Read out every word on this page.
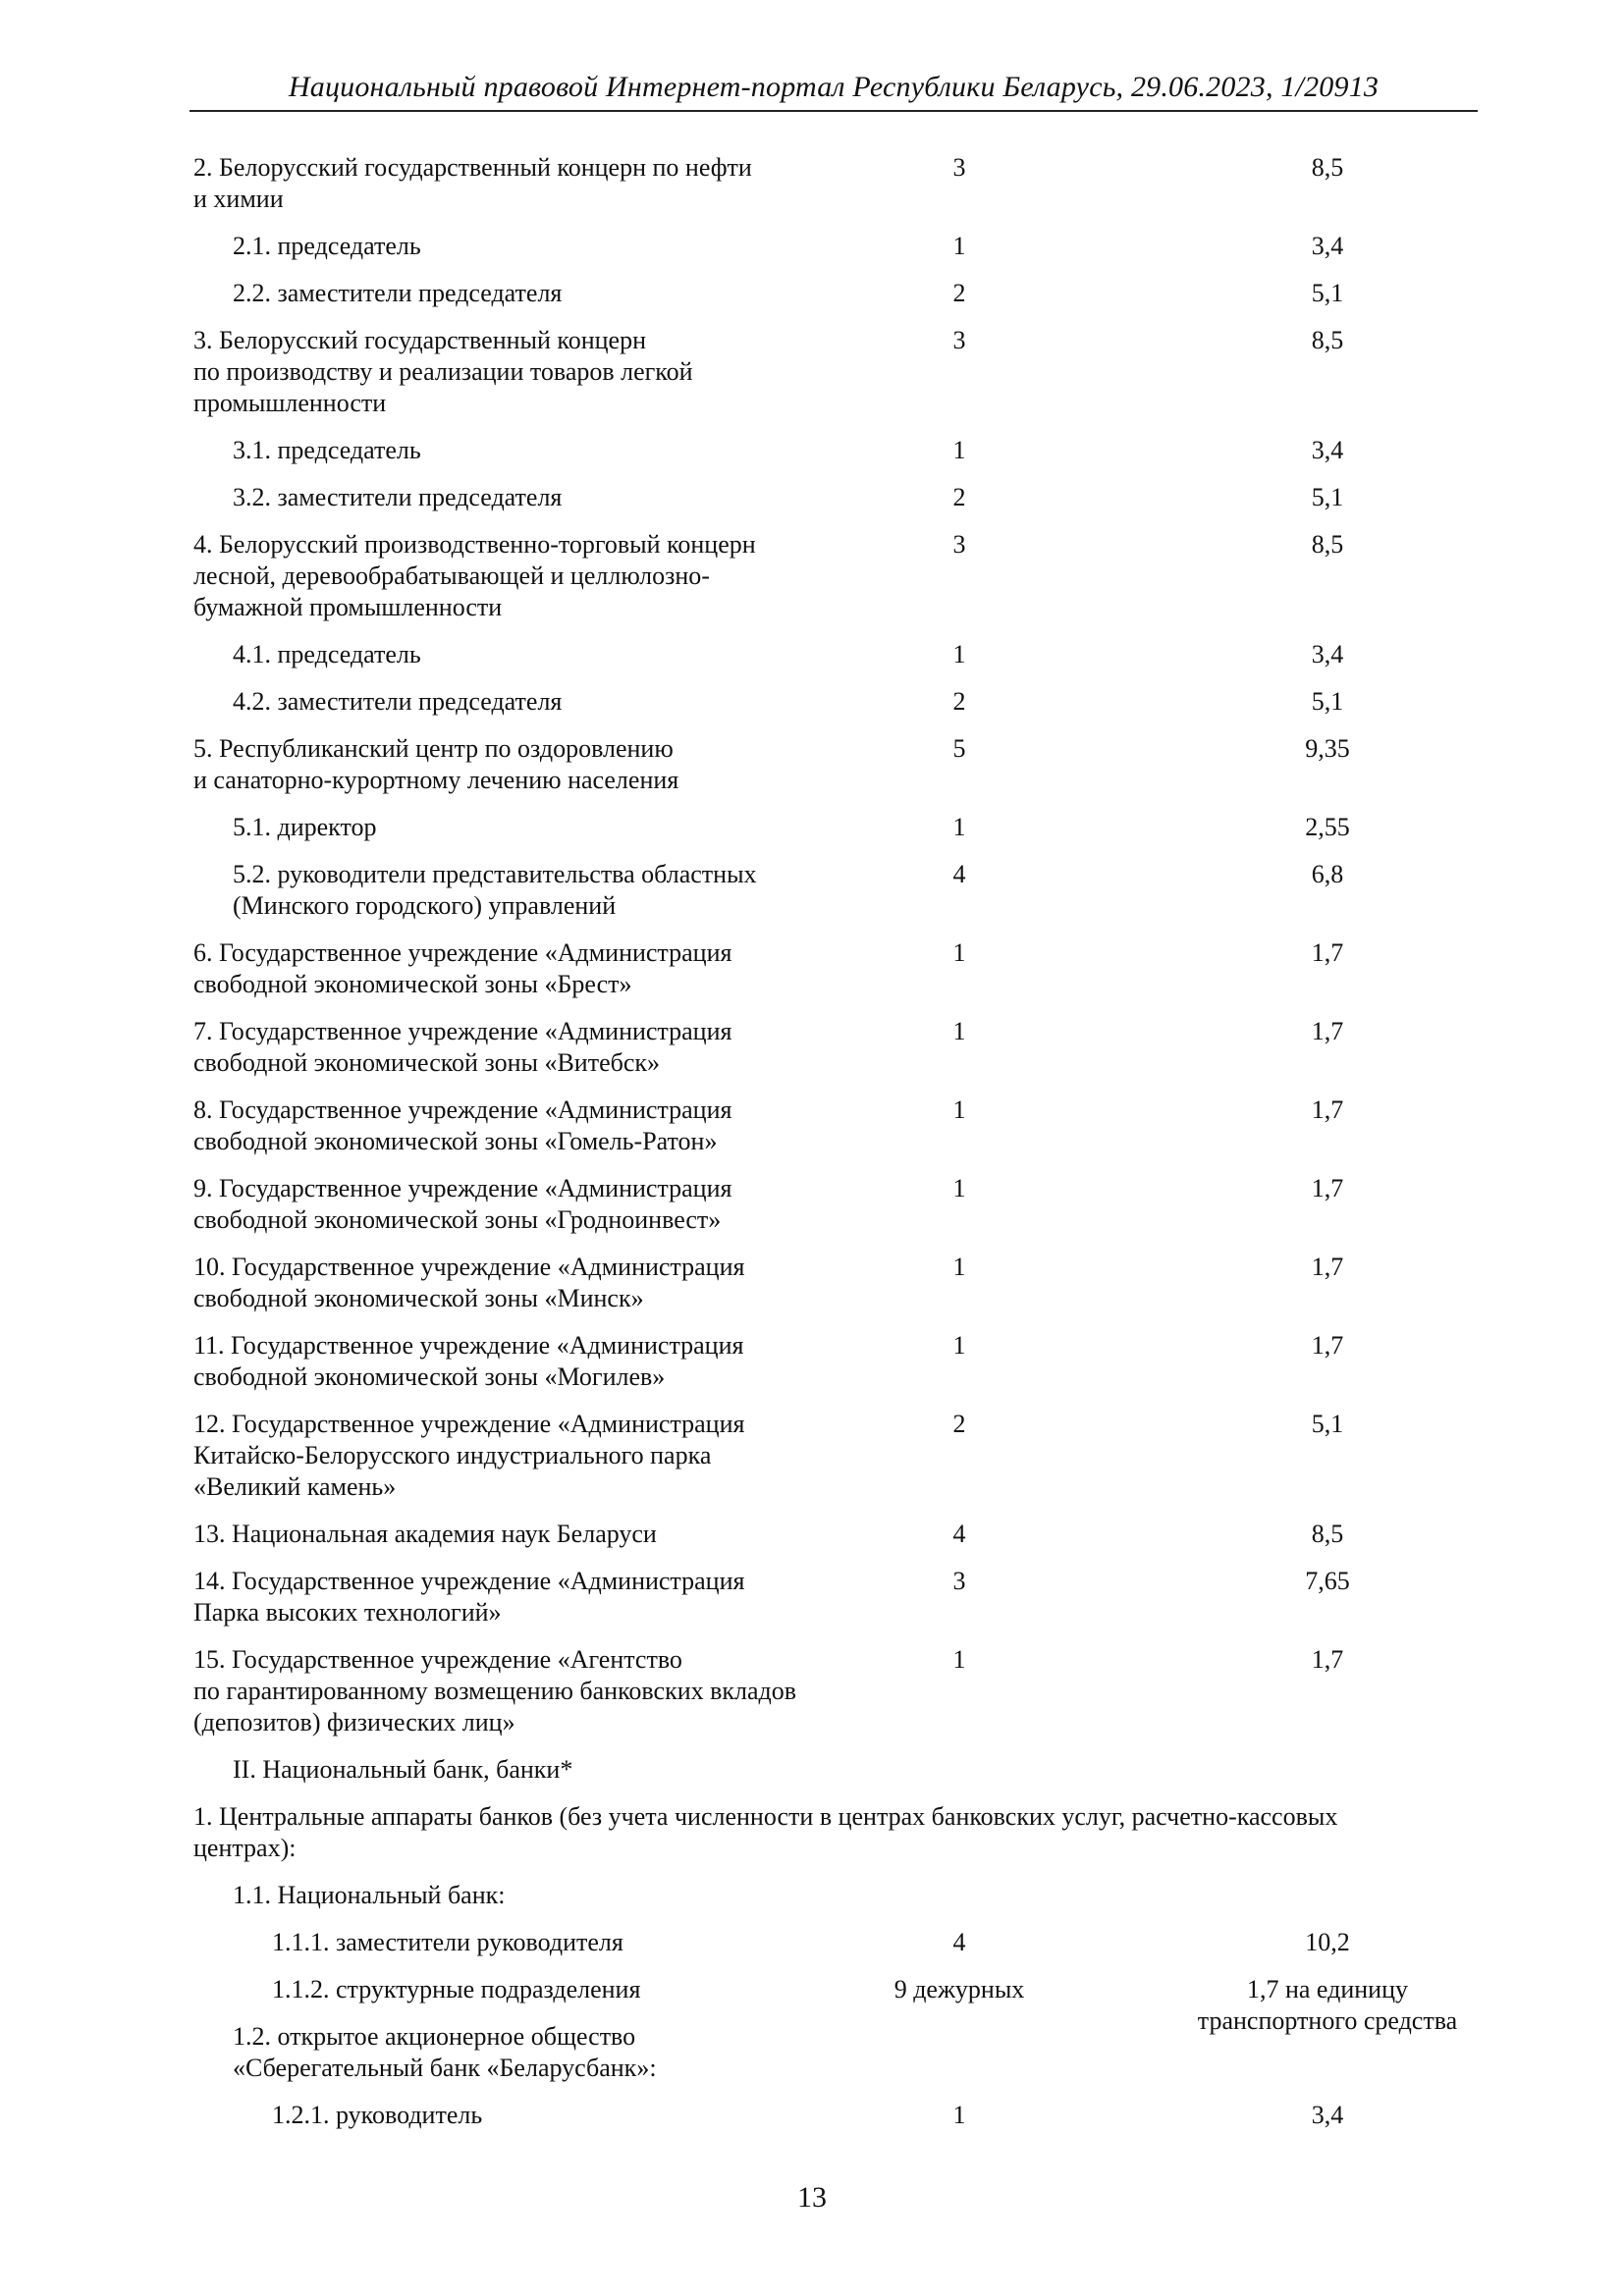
Национальный правовой Интернет-портал Республики Беларусь, 29.06.2023, 1/20913
2. Белорусский государственный концерн по нефти
и химии
3	8,5
2.1. председатель	1	3,4
2.2. заместители председателя	2	5,1
3. Белорусский государственный концерн
по производству и реализации товаров легкой
промышленности
3	8,5
3.1. председатель	1	3,4
3.2. заместители председателя	2	5,1
4. Белорусский производственно-торговый концерн
лесной, деревообрабатывающей и целлюлозно-
бумажной промышленности
3	8,5
4.1. председатель	1	3,4
4.2. заместители председателя	2	5,1
5. Республиканский центр по оздоровлению
и санаторно-курортному лечению населения
5	9,35
5.1. директор	1	2,55
5.2. руководители представительства областных
(Минского городского) управлений
4	6,8
6. Государственное учреждение «Администрация
свободной экономической зоны «Брест»
1	1,7
7. Государственное учреждение «Администрация
свободной экономической зоны «Витебск»
1	1,7
8. Государственное учреждение «Администрация
свободной экономической зоны «Гомель-Ратон»
1	1,7
9. Государственное учреждение «Администрация
свободной экономической зоны «Гродноинвест»
1	1,7
10. Государственное учреждение «Администрация
свободной экономической зоны «Минск»
1	1,7
11. Государственное учреждение «Администрация
свободной экономической зоны «Могилев»
1	1,7
12. Государственное учреждение «Администрация
Китайско-Белорусского индустриального парка
«Великий камень»
2	5,1
13. Национальная академия наук Беларуси	4	8,5
14. Государственное учреждение «Администрация
Парка высоких технологий»
3	7,65
15. Государственное учреждение «Агентство
по гарантированному возмещению банковских вкладов
(депозитов) физических лиц»
1	1,7
II. Национальный банк, банки*
1. Центральные аппараты банков (без учета численности в центрах банковских услуг, расчетно-кассовых
центрах):
1.1. Национальный банк:
1.1.1. заместители руководителя	4	10,2
1.1.2. структурные подразделения	9 дежурных	1,7 на единицу
транспортного средства
1.2. открытое акционерное общество
«Сберегательный банк «Беларусбанк»:
1.2.1. руководитель	1	3,4
13
